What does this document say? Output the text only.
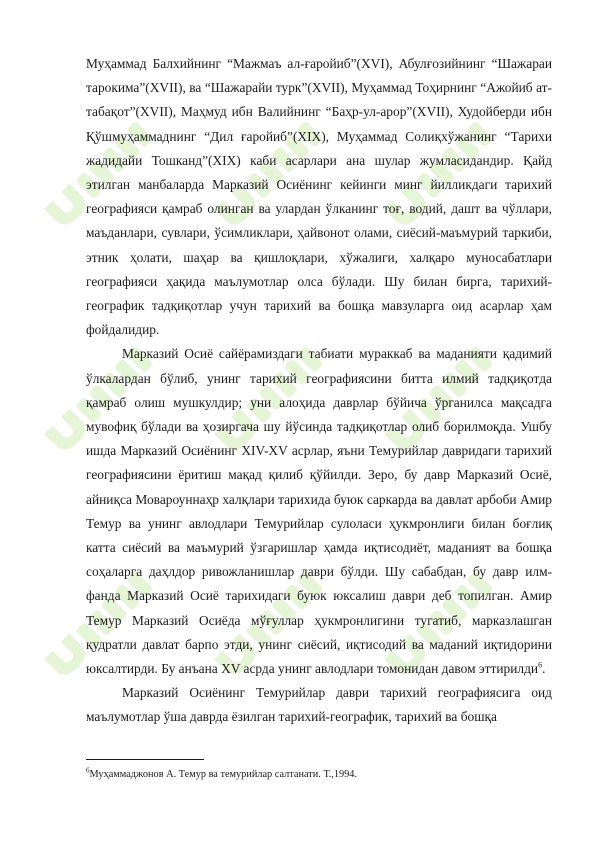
Муҳаммад Балхийнинг “Мажмаъ ал-ғаройиб”(XVI), Абулғозийнинг “Шажараи тарокима”(XVII), ва “Шажарайи турк”(XVII), Муҳаммад Тоҳирнинг “Ажойиб ат-табақот”(XVII), Маҳмуд ибн Валийнинг “Баҳр-ул-арор”(XVII), Худойберди ибн Қўшмуҳаммаднинг “Дил ғаройиб”(XIX), Муҳаммад Солиқхўжанинг “Тарихи жадидайи Тошканд”(XIX) каби асарлари ана шулар жумласидандир. Қайд этилган манбаларда Марказий Осиёнинг кейинги минг йилликдаги тарихий географияси қамраб олинган ва улардан ўлканинг тоғ, водий, дашт ва чўллари, маъданлари, сувлари, ўсимликлари, ҳайвонот олами, сиёсий-маъмурий таркиби, этник ҳолати, шаҳар ва қишлоқлари, хўжалиги, халқаро муносабатлари географияси ҳақида маълумотлар олса бўлади. Шу билан бирга, тарихий-географик тадқиқотлар учун тарихий ва бошқа мавзуларга оид асарлар ҳам фойдалидир.

Марказий Осиё сайёрамиздаги табиати мураккаб ва маданияти қадимий ўлкалардан бўлиб, унинг тарихий географиясини битта илмий тадқиқотда қамраб олиш мушкулдир; уни алоҳида даврлар бўйича ўрганилса мақсадга мувофиқ бўлади ва ҳозиргача шу йўсинда тадқиқотлар олиб борилмоқда. Ушбу ишда Марказий Осиёнинг XIV-XV асрлар, яъни Темурийлар давридаги тарихий географиясини ёритиш мақад қилиб қўйилди. Зеро, бу давр Марказий Осиё, айниқса Мовароуннаҳр халқлари тарихида буюк саркарда ва давлат арбоби Амир Темур ва унинг авлодлари Темурийлар сулоласи ҳукмронлиги билан боғлиқ катта сиёсий ва маъмурий ўзгаришлар ҳамда иқтисодиёт, маданият ва бошқа соҳаларга даҳлдор ривожланишлар даври бўлди. Шу сабабдан, бу давр илм-фанда Марказий Осиё тарихидаги буюк юксалиш даври деб топилган. Амир Темур Марказий Осиёда мўғуллар ҳукмронлигини тугатиб, марказлашган қудратли давлат барпо этди, унинг сиёсий, иқтисодий ва маданий иқтидорини юксалтирди. Бу анъана XV асрда унинг авлодлари томонидан давом эттирилди$^6$.

Марказий Осиёнинг Темурийлар даври тарихий географиясига оид маълумотлар ўша даврда ёзилган тарихий-географик, тарихий ва бошқа

$^6$Муҳаммаджонов А. Темур ва темурийлар салтанати. Т.,1994.
